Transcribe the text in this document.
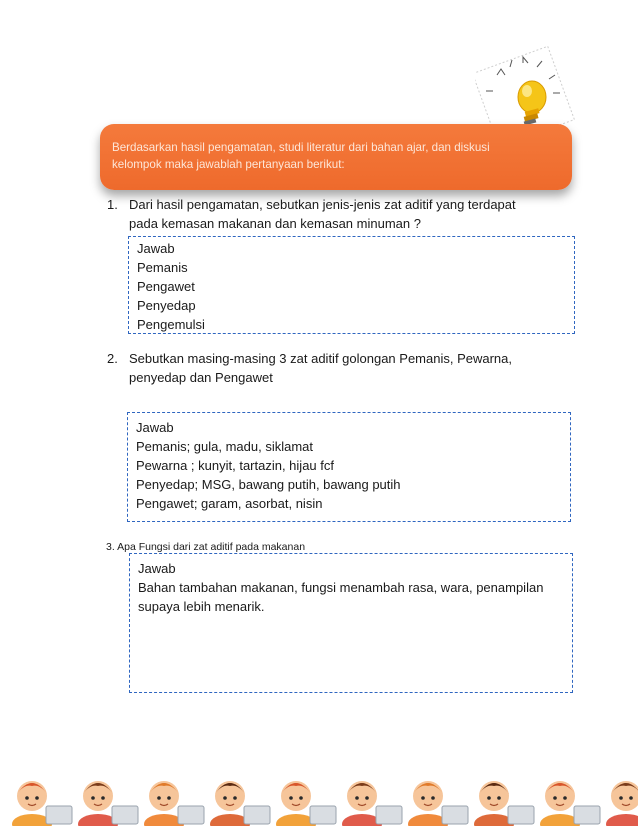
Berdasarkan hasil pengamatan, studi literatur dari bahan ajar, dan diskusi
kelompok maka jawablah pertanyaan berikut:

1. Dari hasil pengamatan, sebutkan jenis-jenis zat aditif yang terdapat
pada kemasan makanan dan kemasan minuman ?
Jawab
Pemanis
Pengawet
Penyedap
Pengemulsi
2. Sebutkan masing-masing 3 zat aditif golongan Pemanis, Pewarna,
penyedap dan Pengawet
Jawab
Pemanis; gula, madu, siklamat
Pewarna ; kunyit, tartazin, hijau fcf
Penyedap; MSG, bawang putih, bawang putih
Pengawet; garam, asorbat, nisin
3. Apa Fungsi dari zat aditif pada makanan
Jawab
Bahan tambahan makanan, fungsi menambah rasa, wara, penampilan
supaya lebih menarik.
